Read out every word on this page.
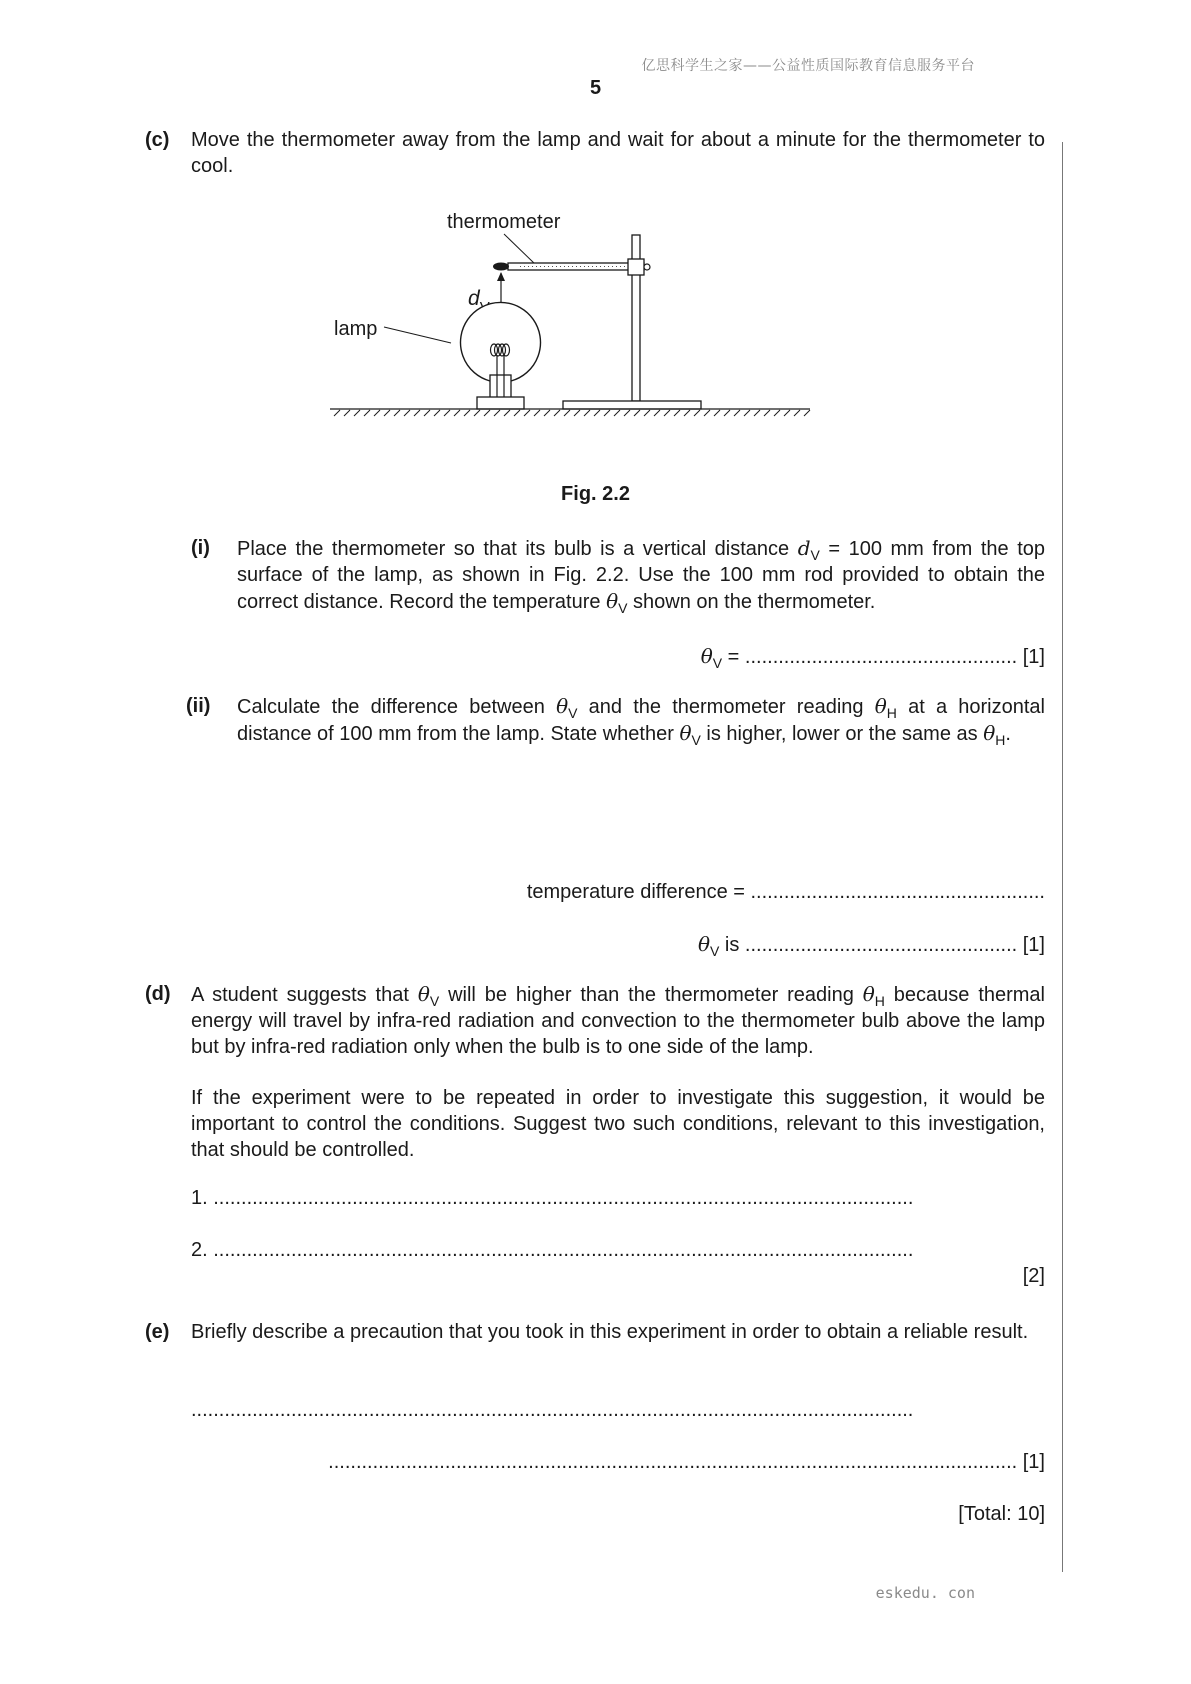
亿思科学生之家——公益性质国际教育信息服务平台
5
eskedu. con
(c) Move the thermometer away from the lamp and wait for about a minute for the thermometer to cool.
thermometer
d
lamp
Fig. 2.2
(i) Place the thermometer so that its bulb is a vertical distance $d_V = 100$ mm from the top surface of the lamp, as shown in Fig. 2.2. Use the 100 mm rod provided to obtain the correct distance. Record the temperature $\theta_V$ shown on the thermometer.
$\theta_V$ = ................................................. [1]
(ii) Calculate the difference between $\theta_V$ and the thermometer reading $\theta_H$ at a horizontal distance of 100 mm from the lamp. State whether $\theta_V$ is higher, lower or the same as $\theta_H$.
temperature difference = .....................................................
$\theta_V$ is ................................................. [1]
(d) A student suggests that $\theta_V$ will be higher than the thermometer reading $\theta_H$ because thermal energy will travel by infra-red radiation and convection to the thermometer bulb above the lamp but by infra-red radiation only when the bulb is to one side of the lamp.
If the experiment were to be repeated in order to investigate this suggestion, it would be important to control the conditions. Suggest two such conditions, relevant to this investigation, that should be controlled.
1. ..............................................................................................................................
2. ..............................................................................................................................
[2]
(e) Briefly describe a precaution that you took in this experiment in order to obtain a reliable result.
..................................................................................................................................
............................................................................................................................ [1]
[Total: 10]
